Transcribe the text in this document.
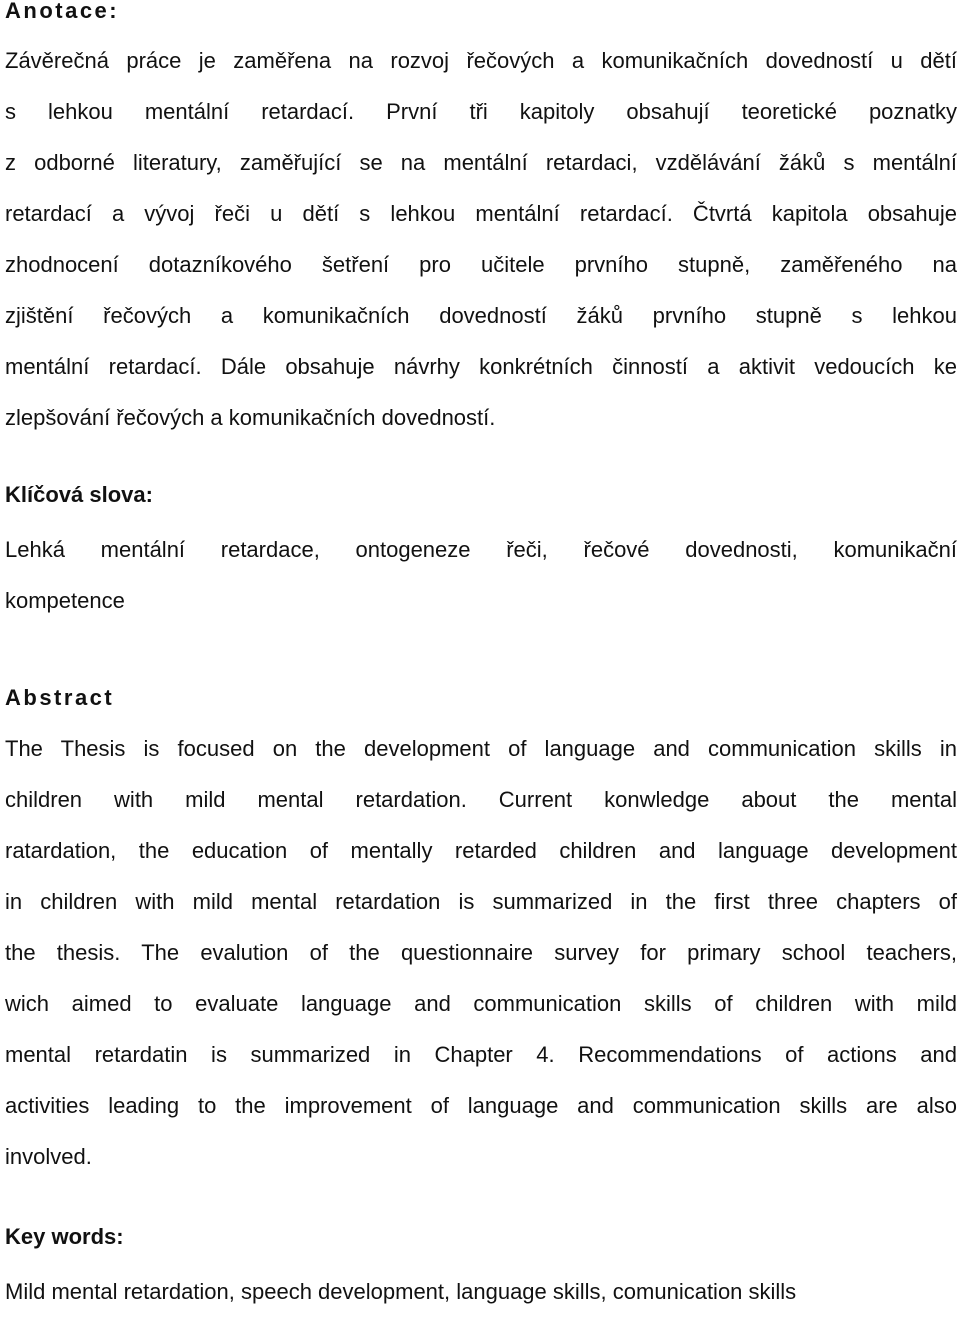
Anotace:
Závěrečná práce je zaměřena na rozvoj řečových a komunikačních dovedností u dětí
s lehkou mentální retardací. První tři kapitoly obsahují teoretické poznatky
z odborné literatury, zaměřující se na mentální retardaci, vzdělávání žáků s mentální
retardací a vývoj řeči u dětí s lehkou mentální retardací. Čtvrtá kapitola obsahuje
zhodnocení dotazníkového šetření pro učitele prvního stupně, zaměřeného na
zjištění řečových a komunikačních dovedností žáků prvního stupně s lehkou
mentální retardací. Dále obsahuje návrhy konkrétních činností a aktivit vedoucích ke
zlepšování řečových a komunikačních dovedností.
Klíčová slova:
Lehká mentální retardace, ontogeneze řeči, řečové dovednosti, komunikační
kompetence
Abstract
The Thesis is focused on the development of language and communication skills in
children with mild mental retardation. Current konwledge about the mental
ratardation, the education of mentally retarded children and language development
in children with mild mental retardation is summarized in the first three chapters of
the thesis. The evalution of the questionnaire survey for primary school teachers,
wich aimed to evaluate language and communication skills of children with mild
mental retardatin is summarized in Chapter 4. Recommendations of actions and
activities leading to the improvement of language and communication skills are also
involved.
Key words:
Mild mental retardation, speech development, language skills, comunication skills
